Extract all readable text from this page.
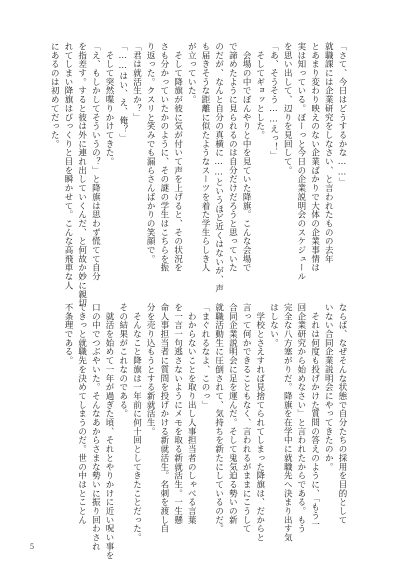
「さて、今日はどうするかな……」
就職課には企業研究をしなさい、と言われたものの去年
とあまり変わり映えのない企業ばかりで大体の企業事情は
実は知っている。ぼーっと今日の企業説明会のスケジュール
を思い出して、辺りを見回して。
「あ、そうそう……えっ！」
　そしてギョッとした。
　会場の中でぼんやりと中を見ていた降旗。こんな会場で
で諦めたように見られるのは自分だけだろうと思っていた
のだが、なんと自分の真横に……というほど近くはないが、声
も届きそうな距離に似たようなスーツを着た学生らしき人
が立っていた。
　そして降旗が彼に気が付いて声を上げると、その状況を
さも分かっていたかのように、その謎の学生はこちらを振
り返った。クスリと笑みでも漏らさんばかりの笑顔で。
「君は就活生か？」
「……はい、え、俺？」
　そして突然喋りかけてきた。
「え、もしかしてそういうの？」と降旗は思わず慌てて自分
を指差す。すると彼は外に連れ出していくんだ、と何故か妙に親切
れてしまい降旗はびっくりと目を瞬かせて。こんな高飛車な人
にあるのは初めてだった。
ならば、なぜそんな状態で自分たちの採用を目的として
いない合同企業説明会にやってきたのか。
　それは何度も投げかけた質問の答えのように、「もう一
回企業研究から始めなさい」と言われたからである。もう
完全な八方塞がりだ。降旗を在学中に就職先へ決まり出す気
はしない。
　学校とさえすれば見捨てられてしまった降旗は、だからと
言って何かできることもなく、言われるがままにこうして
合同企業説明会に足を運んだ。そして鬼気迫る勢いの新
就職活動生に圧倒されて、気持ちを新たにしているのだ。
「まぐれるなよ、このっ」
　わからないことを取り出し人事担当者のしゃべる言葉
を一言一句逃さないようにメモを取る新就活生。一生懸
命人事担当者に質問を投げかける新就活生。名刺を渡し自
分を売り込もうとする新就活生。
　そんなこと降旗は一年前に何十回としてきたことだった。
その結果がこれなのである。
　就活を始めて一年が過ぎた頃、それとやりかけに近い呪い事を
口の中でつぶやいた。そんなあからさまな勢いに振り回わされ
てきっと就職先を決めてしまうのだ。世の中はとことん
不条理である。
5
